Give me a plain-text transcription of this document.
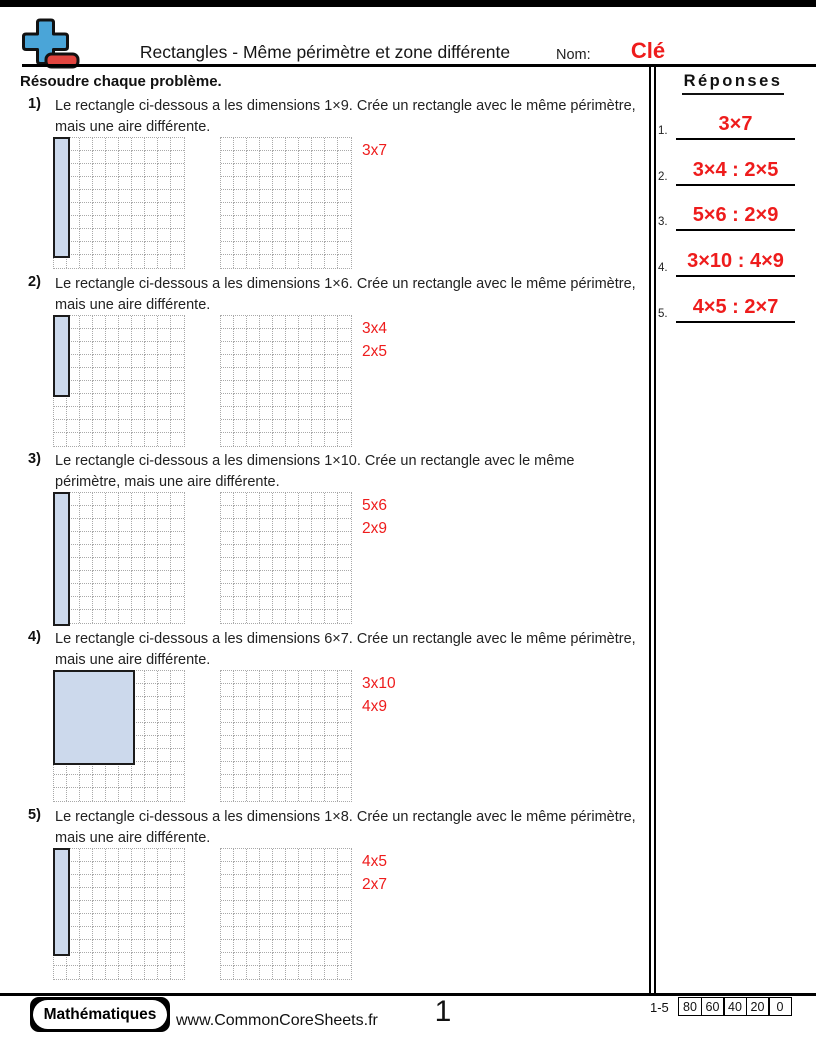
Rectangles - Même périmètre et zone différente	Nom:	Clé
Résoudre chaque problème.
1) Le rectangle ci-dessous a les dimensions 1×9. Crée un rectangle avec le même périmètre, mais une aire différente.
3x7
2) Le rectangle ci-dessous a les dimensions 1×6. Crée un rectangle avec le même périmètre, mais une aire différente.
3x4
2x5
3) Le rectangle ci-dessous a les dimensions 1×10. Crée un rectangle avec le même périmètre, mais une aire différente.
5x6
2x9
4) Le rectangle ci-dessous a les dimensions 6×7. Crée un rectangle avec le même périmètre, mais une aire différente.
3x10
4x9
5) Le rectangle ci-dessous a les dimensions 1×8. Crée un rectangle avec le même périmètre, mais une aire différente.
4x5
2x7
Réponses
1.	3×7
2.	3×4 : 2×5
3.	5×6 : 2×9
4. 3×10 : 4×9
5.	4×5 : 2×7
Mathématiques www.CommonCoreSheets.fr	1	1-5	80 60 40 20 0
